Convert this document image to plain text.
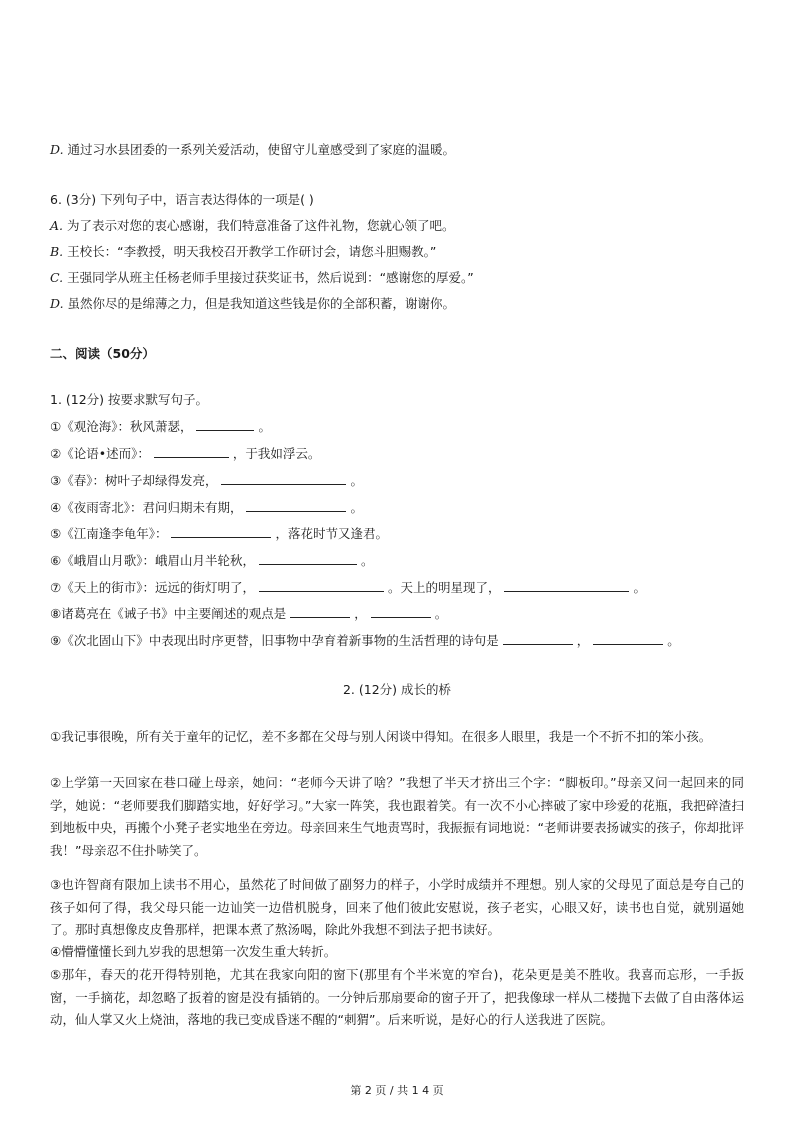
D. 通过习水县团委的一系列关爱活动，使留守儿童感受到了家庭的温暖。
6. (3分) 下列句子中，语言表达得体的一项是( )
A. 为了表示对您的衷心感谢，我们特意准备了这件礼物，您就心领了吧。
B. 王校长：“李教授，明天我校召开教学工作研讨会，请您斗胆赐教。”
C. 王强同学从班主任杨老师手里接过获奖证书，然后说到：“感谢您的厚爱。”
D. 虽然你尽的是绵薄之力，但是我知道这些钱是你的全部积蓄，谢谢你。
二、阅读（50分）
1. (12分) 按要求默写句子。
①《观沧海》：秋风萧瑟，	。
②《论语•述而》：	，于我如浮云。
③《春》：树叶子却绿得发亮，	。
④《夜雨寄北》：君问归期未有期，	。
⑤《江南逢李龟年》：	，落花时节又逢君。
⑥《峨眉山月歌》：峨眉山月半轮秋，	。
⑦《天上的街市》：远远的街灯明了，	。天上的明星现了，	。
⑧诸葛亮在《诫子书》中主要阐述的观点是	，	。
⑨《次北固山下》中表现出时序更替，旧事物中孕育着新事物的生活哲理的诗句是	，	。
2. (12分) 成长的桥
①我记事很晚，所有关于童年的记忆，差不多都在父母与别人闲谈中得知。在很多人眼里，我是一个不折不扣的笨小孩。
②上学第一天回家在巷口碰上母亲，她问：“老师今天讲了啥？”我想了半天才挤出三个字：“脚板印。”母亲又问一起回来的同学，她说：“老师要我们脚踏实地，好好学习。”大家一阵笑，我也跟着笑。有一次不小心摔破了家中珍爱的花瓶，我把碎渣扫到地板中央，再搬个小凳子老实地坐在旁边。母亲回来生气地责骂时，我振振有词地说：“老师讲要表扬诚实的孩子，你却批评我！”母亲忍不住扑哧笑了。
③也许智商有限加上读书不用心，虽然花了时间做了副努力的样子，小学时成绩并不理想。别人家的父母见了面总是夸自己的孩子如何了得，我父母只能一边讪笑一边借机脱身，回来了他们彼此安慰说，孩子老实，心眼又好，读书也自觉，就别逼她了。那时真想像皮皮鲁那样，把课本煮了熬汤喝，除此外我想不到法子把书读好。
④懵懵懂懂长到九岁我的思想第一次发生重大转折。
⑤那年，春天的花开得特别艳，尤其在我家向阳的窗下(那里有个半米宽的窄台)，花朵更是美不胜收。我喜而忘形，一手扳窗，一手摘花，却忽略了扳着的窗是没有插销的。一分钟后那扇要命的窗子开了，把我像球一样从二楼抛下去做了自由落体运动，仙人掌又火上烧油，落地的我已变成昏迷不醒的“刺猬”。后来听说，是好心的行人送我进了医院。
第 2 页 / 共 1 4 页
